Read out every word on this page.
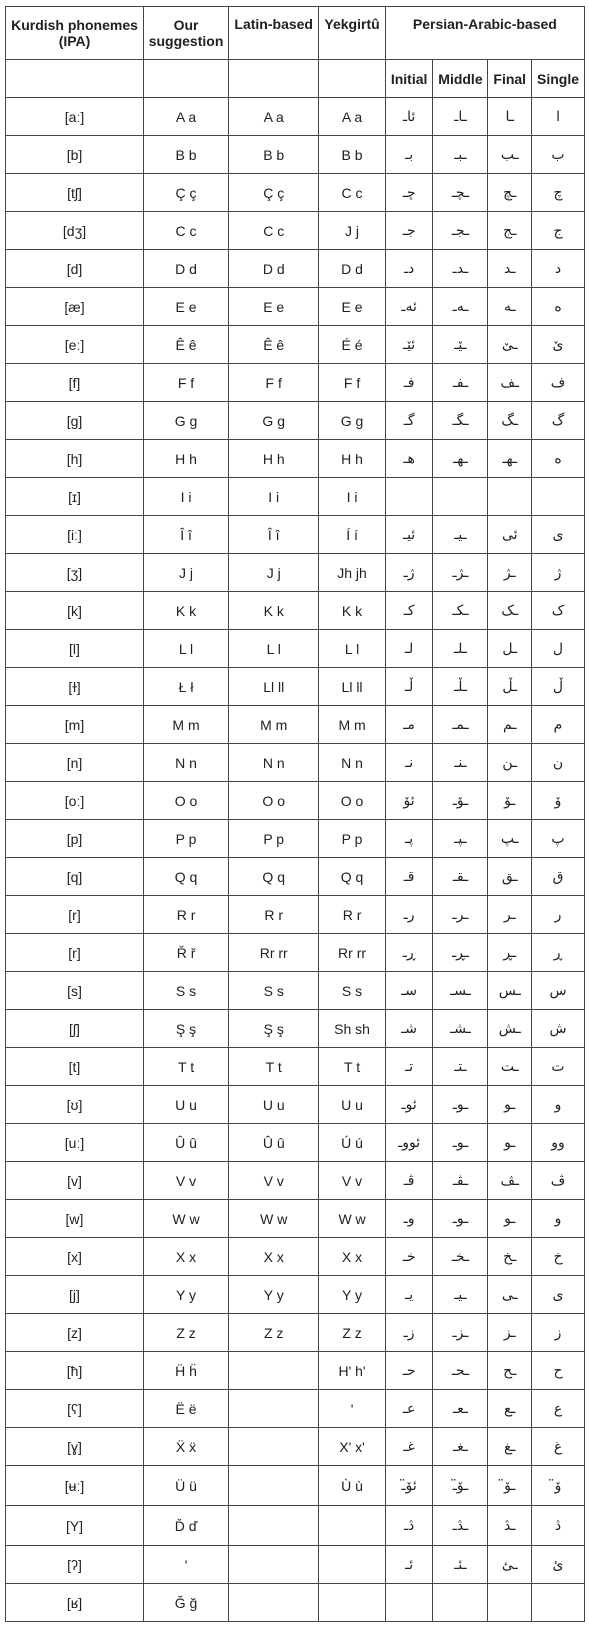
Kurdish phonemes (IPA)	Our suggestion	Latin-based	Yekgirtû	Persian-Arabic-based			
				Initial	Middle	Final	Single
[aː]	A a	A a	A a	ئاـ	ـاـ	ـا	ا
[b]	B b	B b	B b	بـ	ـبـ	ـب	ب
[tʃ]	Ç ç	Ç ç	C c	چـ	ـچـ	ـچ	چ
[dʒ]	C c	C c	J j	جـ	ـجـ	ـج	ج
[d]	D d	D d	D d	دـ	ـدـ	ـد	د
[æ]	E e	E e	E e	ئەـ	ـەـ	ـە	ە
[eː]	Ê ê	Ê ê	É é	ئێـ	ـێـ	ـێ	ێ
[f]	F f	F f	F f	فـ	ـفـ	ـف	ف
[g]	G g	G g	G g	گـ	ـگـ	ـگ	گ
[h]	H h	H h	H h	هـ	ـهـ	ـهـ	ه
[ɪ]	I i	I i	I i				
[iː]	Î î	Î î	Í í	ئیـ	ـیـ	ئی	ی
[ʒ]	J j	J j	Jh jh	ژـ	ـژـ	ـژ	ژ
[k]	K k	K k	K k	کـ	ـکـ	ـک	ک
[l]	L l	L l	L l	لـ	ـلـ	ـل	ل
[ɫ]	Ł ł	Ll ll	Ll ll	ڵـ	ـڵـ	ـڵ	ڵ
[m]	M m	M m	M m	مـ	ـمـ	ـم	م
[n]	N n	N n	N n	نـ	ـنـ	ـن	ن
[oː]	O o	O o	O o	ئۆ	ـۆـ	ـۆ	ۆ
[p]	P p	P p	P p	پـ	ـپـ	ـپ	پ
[q]	Q q	Q q	Q q	قـ	ـقـ	ـق	ق
[r]	R r	R r	R r	رـ	ـرـ	ـر	ر
[r]	Ř ř	Rr rr	Rr rr	ڕـ	ـڕـ	ـڕ	ڕ
[s]	S s	S s	S s	سـ	ـسـ	ـس	س
[ʃ]	Ş ş	Ş ş	Sh sh	شـ	ـشـ	ـش	ش
[t]	T t	T t	T t	تـ	ـتـ	ـت	ت
[ʊ]	U u	U u	U u	ئوـ	ـوـ	ـو	و
[uː]	Û û	Û û	Ú ú	ئووـ	ـوـ	ـو	وو
[v]	V v	V v	V v	ڤـ	ـڤـ	ـڤ	ڤ
[w]	W w	W w	W w	وـ	ـوـ	ـو	و
[x]	X x	X x	X x	خـ	ـخـ	ـخ	خ
[j]	Y y	Y y	Y y	یـ	ـیـ	ـی	ی
[z]	Z z	Z z	Z z	زـ	ـزـ	ـز	ز
[ħ]	Ḧ ḧ		H' h'	حـ	ـحـ	ـح	ح
[ʕ]	Ë ë		'	عـ	ـعـ	ـع	ع
[ɣ]	Ẍ ẍ		X' x'	غـ	ـغـ	ـغ	غ
[ʉː]	Ü ü		Ù ù	ئۆ̈ـ	ـۆ̈ـ	ـۆ̈	ۆ̈
[Y]	Ď ď			ڎـ	ـڎـ	ـڎ	ڎ
[ʔ]	'			ئـ	ـئـ	ـئ	ئ
[ʁ]	Ğ ğ						
